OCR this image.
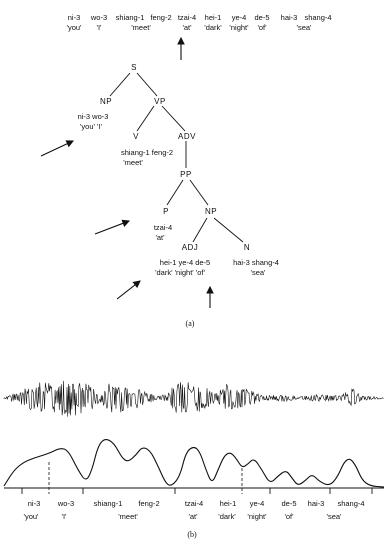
ni-3
'you'
wo-3
'I'
shiang-1
'meet'
feng-2 tzai-4
'at'
hei-1
'dark'
ye-4
'night'
de-5
'of'
hai-3 shang-4
'sea'
S
NP	VP
ni-3 wo-3
'you' 'I'
V	ADV
shiang-1 feng-2
'meet'
PP
P	NP
tzai-4
'at'
ADJ	N
hei-1 ye-4 de-5
'dark' 'night' 'of'
hai-3 shang-4
'sea'
(a)
ni-3
'you'
wo-3
'I'
shiang-1
'meet'
feng-2	tzai-4
'at'
hei-1
'dark'
ye-4
'night'
de-5
'of'
hai-3 shang-4
'sea'
(b)
